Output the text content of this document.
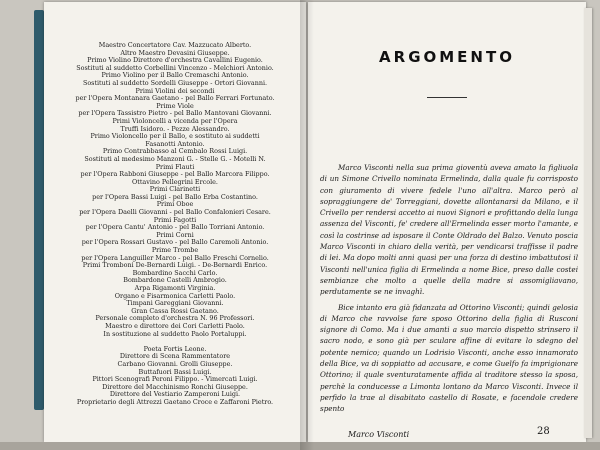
Maestro Concertatore Cav. Mazzucato Alberto.
Altro Maestro Devasini Giuseppe.
Primo Violino Direttore d'orchestra Cavallini Eugenio.
Sostituti al suddetto Corbellini Vincenzo - Melchiori Antonio.
Primo Violino per il Ballo Cremaschi Antonio.
Sostituti al suddetto Sordelli Giuseppe - Ortori Giovanni.
Primi Violini dei secondi
per l'Opera Montanara Gaetano - pel Ballo Ferrari Fortunato.
Prime Viole
per l'Opera Tassistro Pietro - pel Ballo Mantovani Giovanni.
Primi Violoncelli a vicenda per l'Opera
Truffi Isidoro. - Pezze Alessandro.
Primo Violoncello per il Ballo, e sostituto ai suddetti
Fasanotti Antonio.
Primo Contrabbasso al Cembalo Rossi Luigi.
Sostituti al medesimo Manzoni G. - Stelle G. - Motelli N.
Primi Flauti
per l'Opera Rabboni Giuseppe - pel Ballo Marcora Filippo.
Ottavino Pellegrini Ercole.
Primi Clarinetti
per l'Opera Bassi Luigi - pel Ballo Erba Costantino.
Primi Oboe
per l'Opera Daelli Giovanni - pel Ballo Confalonieri Cesare.
Primi Fagotti
per l'Opera Cantu' Antonio - pel Ballo Torriani Antonio.
Primi Corni
per l'Opera Rossari Gustavo - pel Ballo Caremoli Antonio.
Prime Trombe
per l'Opera Languiller Marco - pel Ballo Freschi Cornelio.
Primi Tromboni De-Bernardi Luigi. - De-Bernardi Enrico.
Bombardino Sacchi Carlo.
Bombardone Castelli Ambrogio.
Arpa Rigamonti Virginia.
Organo e Fisarmonica Carletti Paolo.
Timpani Gareggiani Giovanni.
Gran Cassa Rossi Gaetano.
Personale completo d'orchestra N. 96 Professori.
Maestro e direttore dei Cori Carletti Paolo.
In sostituzione al suddetto Paolo Portaluppi.

Poeta Fortis Leone.
Direttore di Scena Rammentatore
Carbano Giovanni. Grolli Giuseppe.
Buttafuori Bassi Luigi.
Pittori Scenografi Peroni Filippo. - Vimercati Luigi.
Direttore del Macchinismo Ronchi Giuseppe.
Direttore del Vestiario Zamperoni Luigi.
Proprietario degli Attrezzi Gaetano Croce e Zaffaroni Pietro.
ARGOMENTO

Marco Visconti nella sua prima gioventù aveva amato la figliuola di un Simone Crivello nominata Ermelinda, dalla quale fu corrisposto con giuramento di vivere fedele l'uno all'altra. Marco però al sopraggiungere de' Torreggiani, dovette allontanarsi da Milano, e il Crivello per rendersi accetto ai nuovi Signori e profittando della lunga assenza del Visconti, fe' credere all'Ermelinda esser morto l'amante, e così la costrinse ad isposare il Conte Oldrado del Balzo. Venuto poscia Marco Visconti in chiaro della verità, per vendicarsi traffisse il padre di lei. Ma dopo molti anni quasi per una forza di destino imbattutosi il Visconti nell'unica figlia di Ermelinda a nome Bice, preso dalle costei sembianze che molto a quelle della madre si assomigliavano, perdutamente se ne invaghì.

Bice intanto era già fidanzata ad Ottorino Visconti; quindi gelosia di Marco che ravvolse fare sposo Ottorino della figlia di Rusconi signore di Como. Ma i due amanti a suo marcio dispetto strinsero il sacro nodo, e sono già per sculare affine di evitare lo sdegno del potente nemico; quando un Lodrisio Visconti, anche esso innamorato della Bice, va di soppiatto ad accusare, e come Guelfo fa imprigionare Ottorino; il quale sventuratamente affida al traditore stesso la sposa, perchè la conducesse a Limonta lontano da Marco Visconti. Invece il perfido la trae al disabitato castello di Rosate, e facendole credere spento

Marco Visconti	28
